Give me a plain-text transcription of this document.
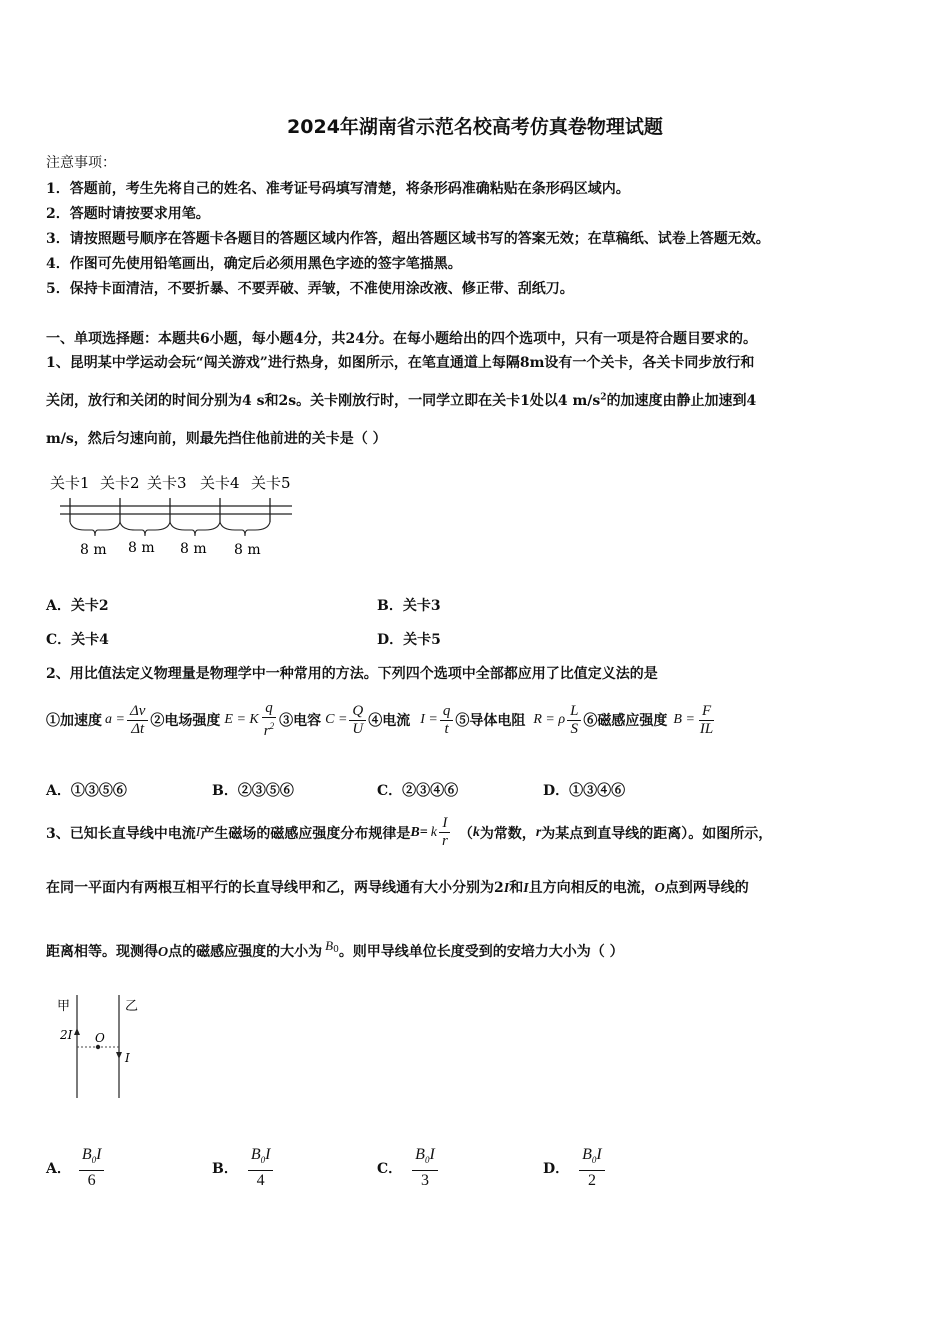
2024年湖南省示范名校高考仿真卷物理试题
注意事项：
1．答题前，考生先将自己的姓名、准考证号码填写清楚，将条形码准确粘贴在条形码区域内。
2．答题时请按要求用笔。
3．请按照题号顺序在答题卡各题目的答题区域内作答，超出答题区域书写的答案无效；在草稿纸、试卷上答题无效。
4．作图可先使用铅笔画出，确定后必须用黑色字迹的签字笔描黑。
5．保持卡面清洁，不要折暴、不要弄破、弄皱，不准使用涂改液、修正带、刮纸刀。
一、单项选择题：本题共6小题，每小题4分，共24分。在每小题给出的四个选项中，只有一项是符合题目要求的。
1、昆明某中学运动会玩“闯关游戏”进行热身，如图所示，在笔直通道上每隔8m设有一个关卡，各关卡同步放行和
关闭，放行和关闭的时间分别为4 s和2s。关卡刚放行时，一同学立即在关卡1处以4 $m/s^2$的加速度由静止加速到4
m/s，然后匀速向前，则最先挡住他前进的关卡是（ ）
关卡1 关卡2 关卡3 关卡4 关卡5
8 m 8 m 8 m 8 m
A．关卡2	B．关卡3
C．关卡4	D．关卡5
2、用比值法定义物理量是物理学中一种常用的方法。下列四个选项中全部都应用了比值定义法的是
①加速度 $a = \frac{\Delta v}{\Delta t}$ ②电场强度 E = K $\frac{q}{r^2}$ ③电容 $C = \frac{Q}{U}$ ④电流 $I = \frac{q}{t}$ ⑤导体电阻 R = ρ $\frac{L}{S}$ ⑥磁感应强度 $B = \frac{F}{IL}$
A．①③⑤⑥	B．②③⑤⑥	C．②③④⑥	D．①③④⑥
3、已知长直导线中电流 I 产生磁场的磁感应强度分布规律是 B= k $\frac{I}{r}$ （ k 为常数， r 为某点到直导线的距离）。如图所示，
在同一平面内有两根互相平行的长直导线甲和乙，两导线通有大小分别为2I和I且方向相反的电流，O点到两导线的
距离相等。现测得O点的磁感应强度的大小为 $B^0$。则甲导线单位长度受到的安培力大小为（ ）
甲	乙
2I O
I
A． $\frac{B_0I}{6}$	B． $\frac{B_0I}{4}$	C． $\frac{B_0I}{3}$	D． $\frac{B_0I}{2}$
